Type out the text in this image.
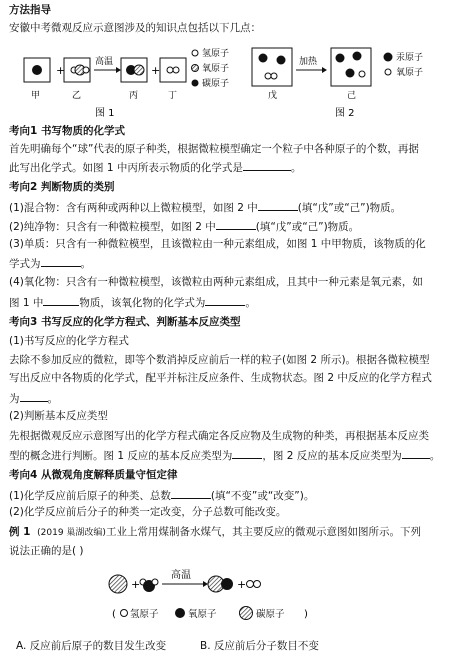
方法指导
安徽中考微观反应示意图涉及的知识点包括以下几点：
+
高温
+
甲	乙	丙	丁
氢原子
氧原子
碳原子
加热
戊	己
汞原子
氧原子
图 1	图 2
考向1 书写物质的化学式
首先明确每个“球”代表的原子种类，根据微粒模型确定一个粒子中各种原子的个数，再据
此写出化学式。如图 1 中丙所表示物质的化学式是	。
考向2 判断物质的类别
(1)混合物：含有两种或两种以上微粒模型，如图 2 中	(填“戊”或“己”)物质。
(2)纯净物：只含有一种微粒模型，如图 2 中	(填“戊”或“己”)物质。
(3)单质：只含有一种微粒模型，且该微粒由一种元素组成，如图 1 中甲物质，该物质的化
学式为	。
(4)氧化物：只含有一种微粒模型，该微粒由两种元素组成，且其中一种元素是氧元素，如
图 1 中	物质，该氧化物的化学式为	。
考向3 书写反应的化学方程式、判断基本反应类型
(1)书写反应的化学方程式
去除不参加反应的微粒，即等个数消掉反应前后一样的粒子(如图 2 所示)。根据各微粒模型
写出反应中各物质的化学式，配平并标注反应条件、生成物状态。图 2 中反应的化学方程式
为	。
(2)判断基本反应类型
先根据微观反应示意图写出的化学方程式确定各反应物及生成物的种类，再根据基本反应类
型的概念进行判断。图 1 反应的基本反应类型为	，图 2 反应的基本反应类型为	。
考向4 从微观角度解释质量守恒定律
(1)化学反应前后原子的种类、总数	(填“不变”或“改变”)。
(2)化学反应前后分子的种类一定改变，分子总数可能改变。
例 1 (2019 巢湖改编)工业上常用煤制备水煤气，其主要反应的微观示意图如图所示。下列
说法正确的是( )
+
高温
+
( 氢原子	氧原子	碳原子 )
A. 反应前后原子的数目发生改变	B. 反应前后分子数目不变
